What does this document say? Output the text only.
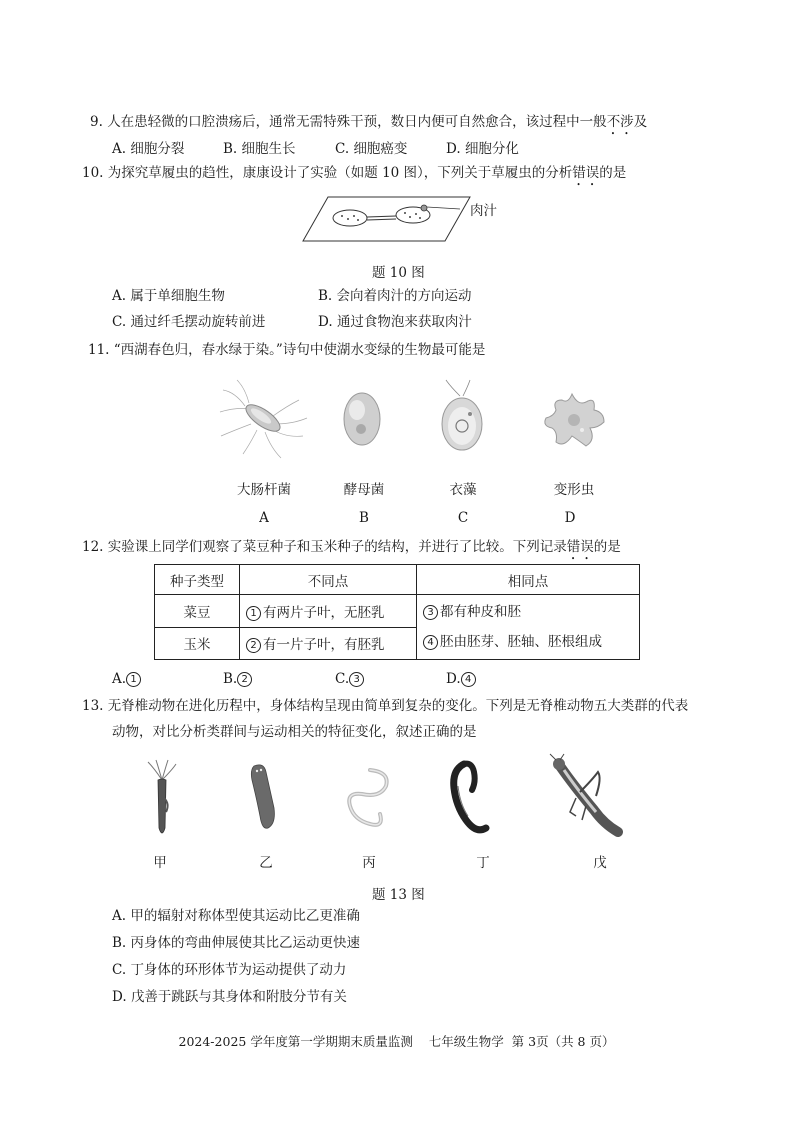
9. 人在患轻微的口腔溃疡后，通常无需特殊干预，数日内便可自然愈合，该过程中一般不涉及
A. 细胞分裂	B. 细胞生长	C. 细胞癌变	D. 细胞分化
10. 为探究草履虫的趋性，康康设计了实验（如题 10 图），下列关于草履虫的分析错误的是
肉汁
题 10 图
A. 属于单细胞生物	B. 会向着肉汁的方向运动
C. 通过纤毛摆动旋转前进	D. 通过食物泡来获取肉汁
11. “西湖春色归，春水绿于染。”诗句中使湖水变绿的生物最可能是
大肠杆菌	酵母菌	衣藻	变形虫
A	B	C	D
12. 实验课上同学们观察了菜豆种子和玉米种子的结构，并进行了比较。下列记录错误的是
种子类型	不同点	相同点
菜豆	1 有两片子叶，无胚乳	3 都有种皮和胚
4 胚由胚芽、胚轴、胚根组成

玉米	2 有一片子叶，有胚乳	
A. 1	B. 2	C. 3	D. 4
13. 无脊椎动物在进化历程中，身体结构呈现由简单到复杂的变化。下列是无脊椎动物五大类群的代表
动物，对比分析类群间与运动相关的特征变化，叙述正确的是
甲	乙	丙	丁	戊
题 13 图
A. 甲的辐射对称体型使其运动比乙更准确
B. 丙身体的弯曲伸展使其比乙运动更快速
C. 丁身体的环形体节为运动提供了动力
D. 戊善于跳跃与其身体和附肢分节有关
2024-2025 学年度第一学期期末质量监测    七年级生物学  第 3页（共 8 页）
